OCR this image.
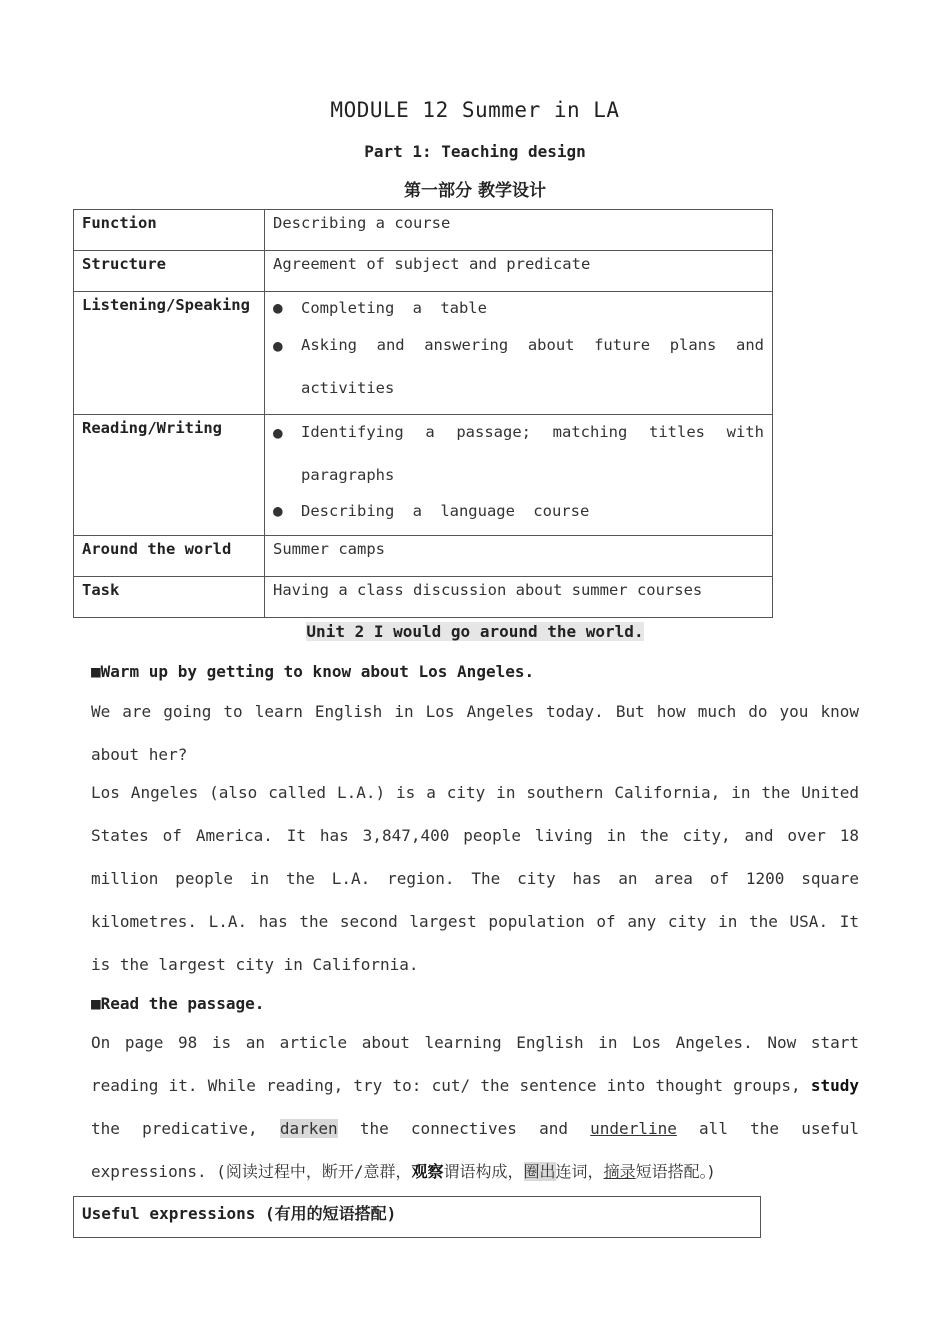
MODULE 12 Summer in LA
Part 1: Teaching design
第一部分 教学设计
Function	Describing a course
Structure	Agreement of subject and predicate
Listening/Speaking	● Completing a table
● Asking and answering about future plans and activities

Reading/Writing	● Identifying a passage; matching titles with paragraphs
● Describing a language course

Around the world	Summer camps
Task	Having a class discussion about summer courses
Unit 2 I would go around the world.
■Warm up by getting to know about Los Angeles.
We are going to learn English in Los Angeles today. But how much do you know about her?
Los Angeles (also called L.A.) is a city in southern California, in the United States of America. It has 3,847,400 people living in the city, and over 18 million people in the L.A. region. The city has an area of 1200 square kilometres. L.A. has the second largest population of any city in the USA. It is the largest city in California.
■Read the passage.
On page 98 is an article about learning English in Los Angeles. Now start reading it. While reading, try to: cut/ the sentence into thought groups, study the predicative, darken the connectives and underline all the useful expressions. (阅读过程中，断开/意群，观察谓语构成，圈出连词，摘录短语搭配。)
Useful expressions (有用的短语搭配)
